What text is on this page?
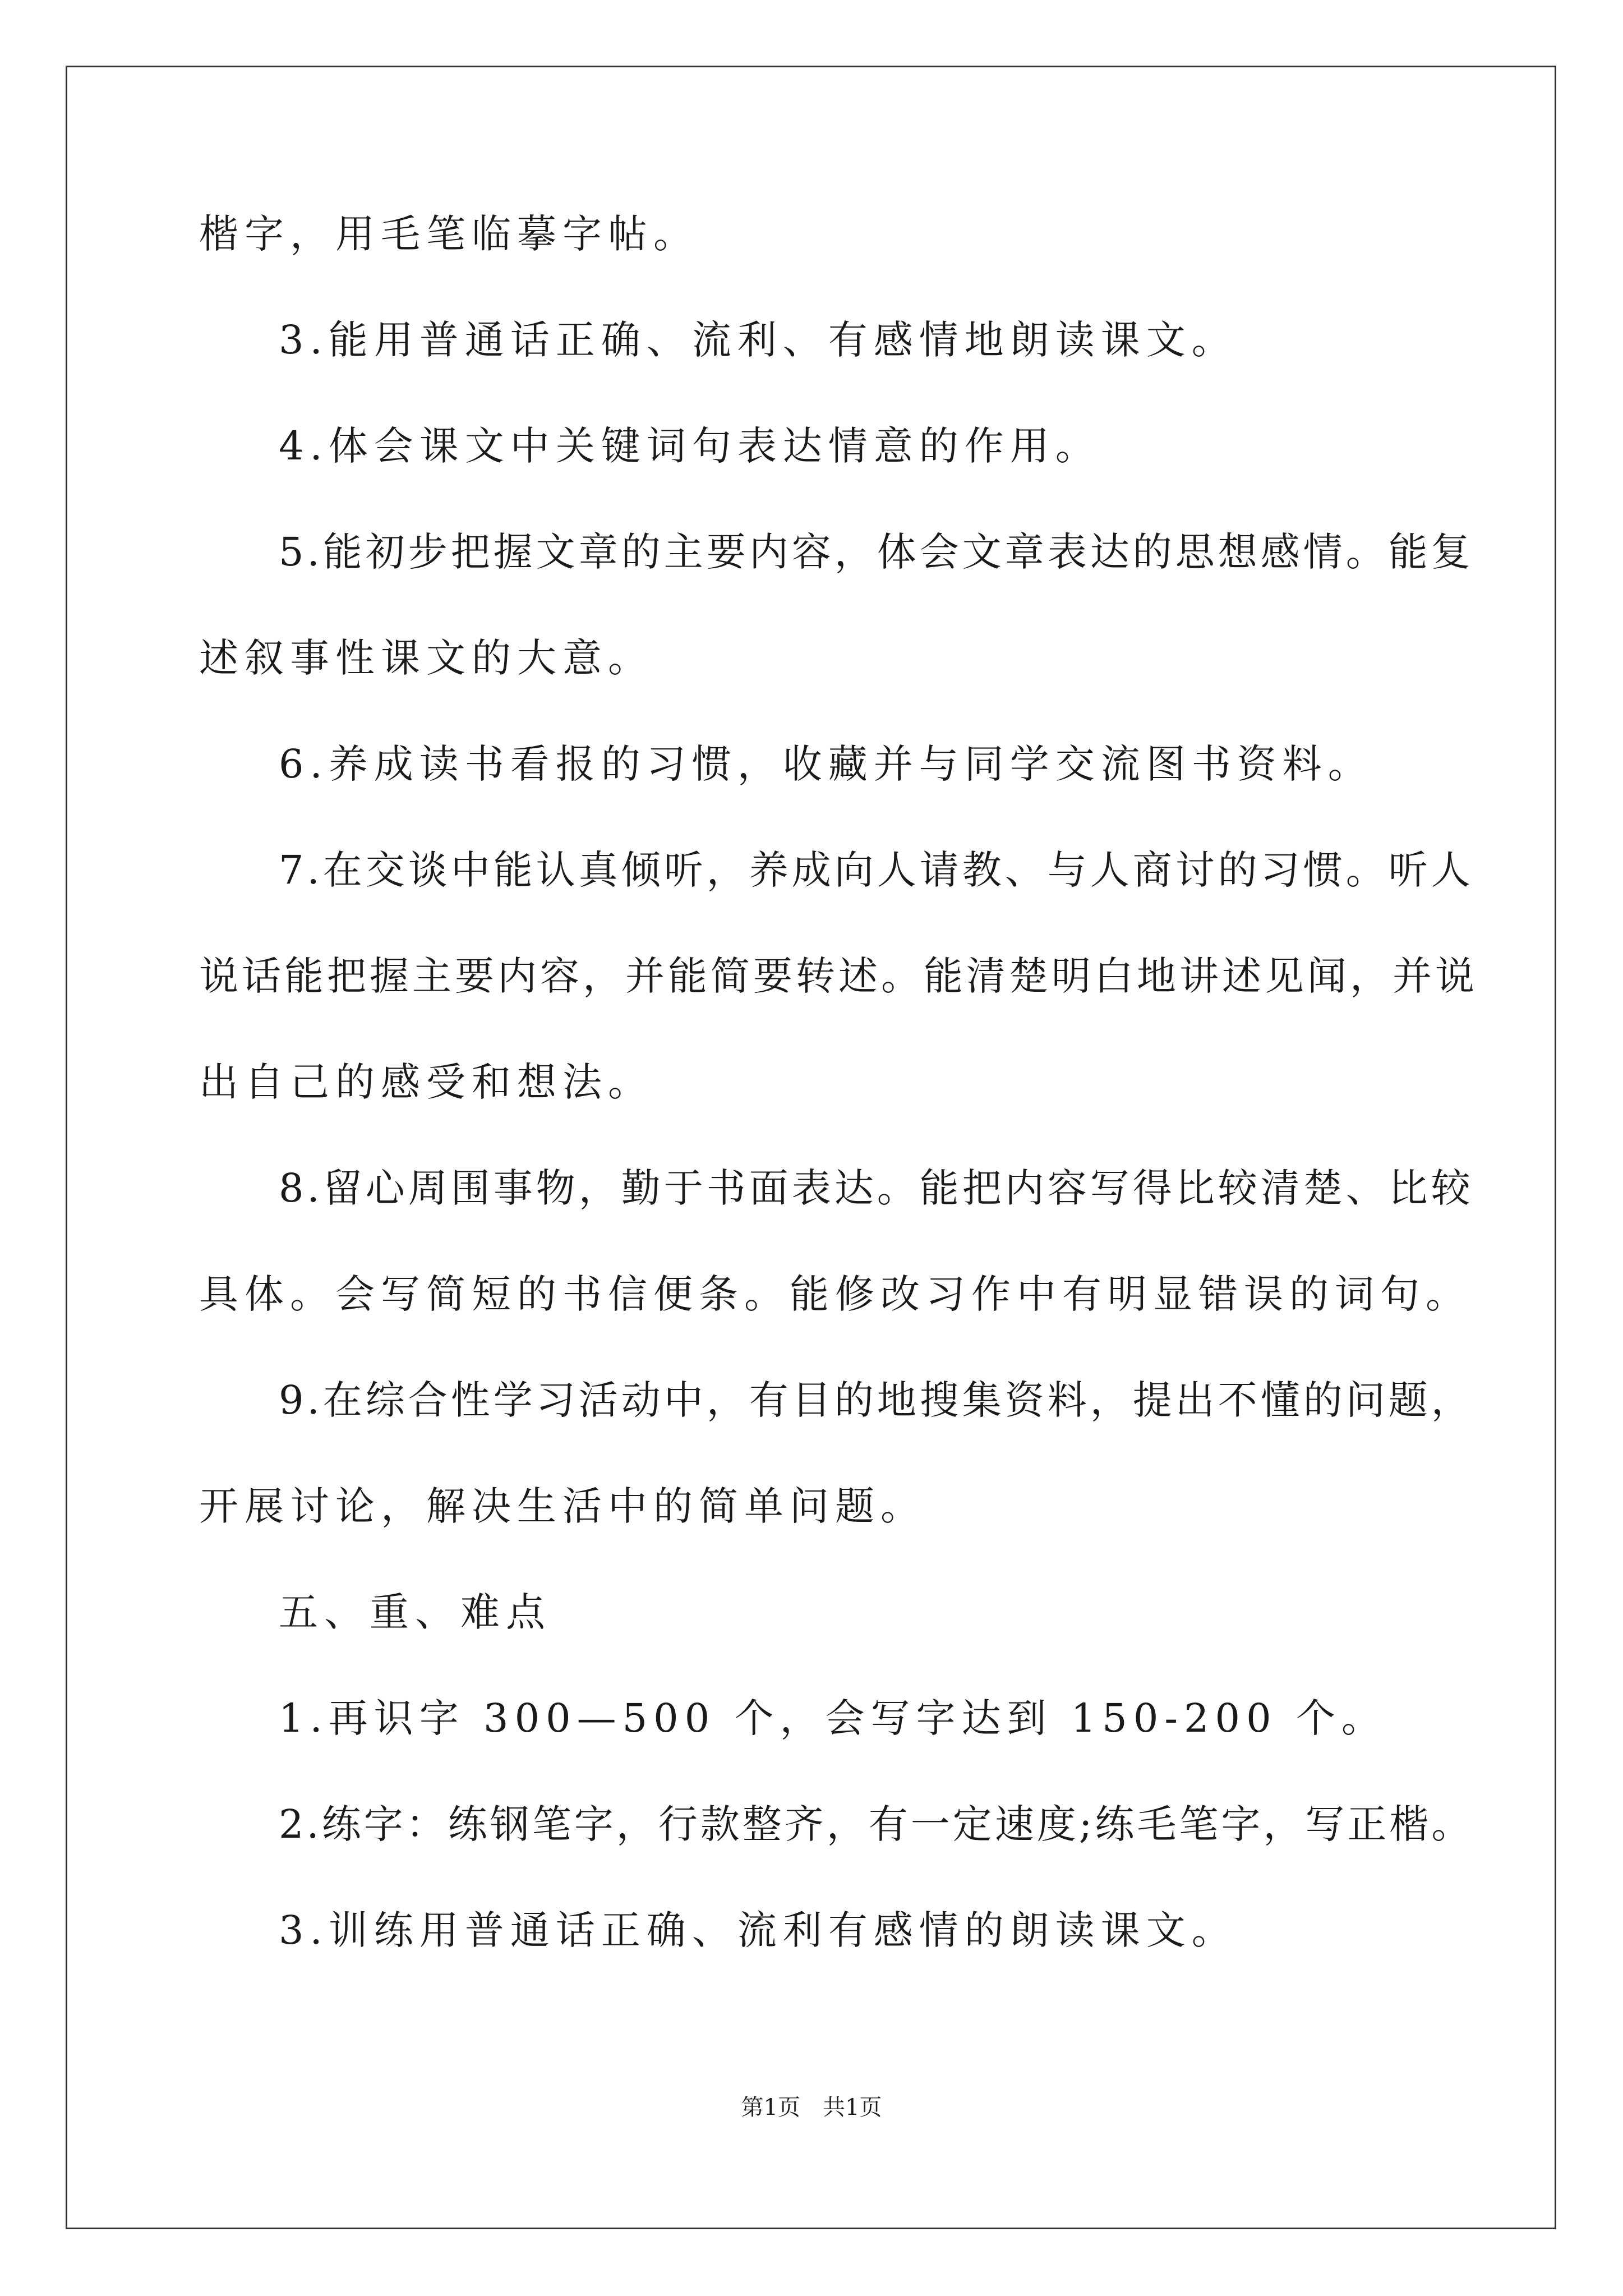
楷字，用毛笔临摹字帖。
3.能用普通话正确、流利、有感情地朗读课文。
4.体会课文中关键词句表达情意的作用。
5.能初步把握文章的主要内容，体会文章表达的思想感情。能复
述叙事性课文的大意。
6.养成读书看报的习惯，收藏并与同学交流图书资料。
7.在交谈中能认真倾听，养成向人请教、与人商讨的习惯。听人
说话能把握主要内容，并能简要转述。能清楚明白地讲述见闻，并说
出自己的感受和想法。
8.留心周围事物，勤于书面表达。能把内容写得比较清楚、比较
具体。会写简短的书信便条。能修改习作中有明显错误的词句。
9.在综合性学习活动中，有目的地搜集资料，提出不懂的问题，
开展讨论，解决生活中的简单问题。
五、重、难点
1.再识字 300—500 个，会写字达到 150-200 个。
2.练字：练钢笔字，行款整齐，有一定速度;练毛笔字，写正楷。
3.训练用普通话正确、流利有感情的朗读课文。
第1页　共1页
